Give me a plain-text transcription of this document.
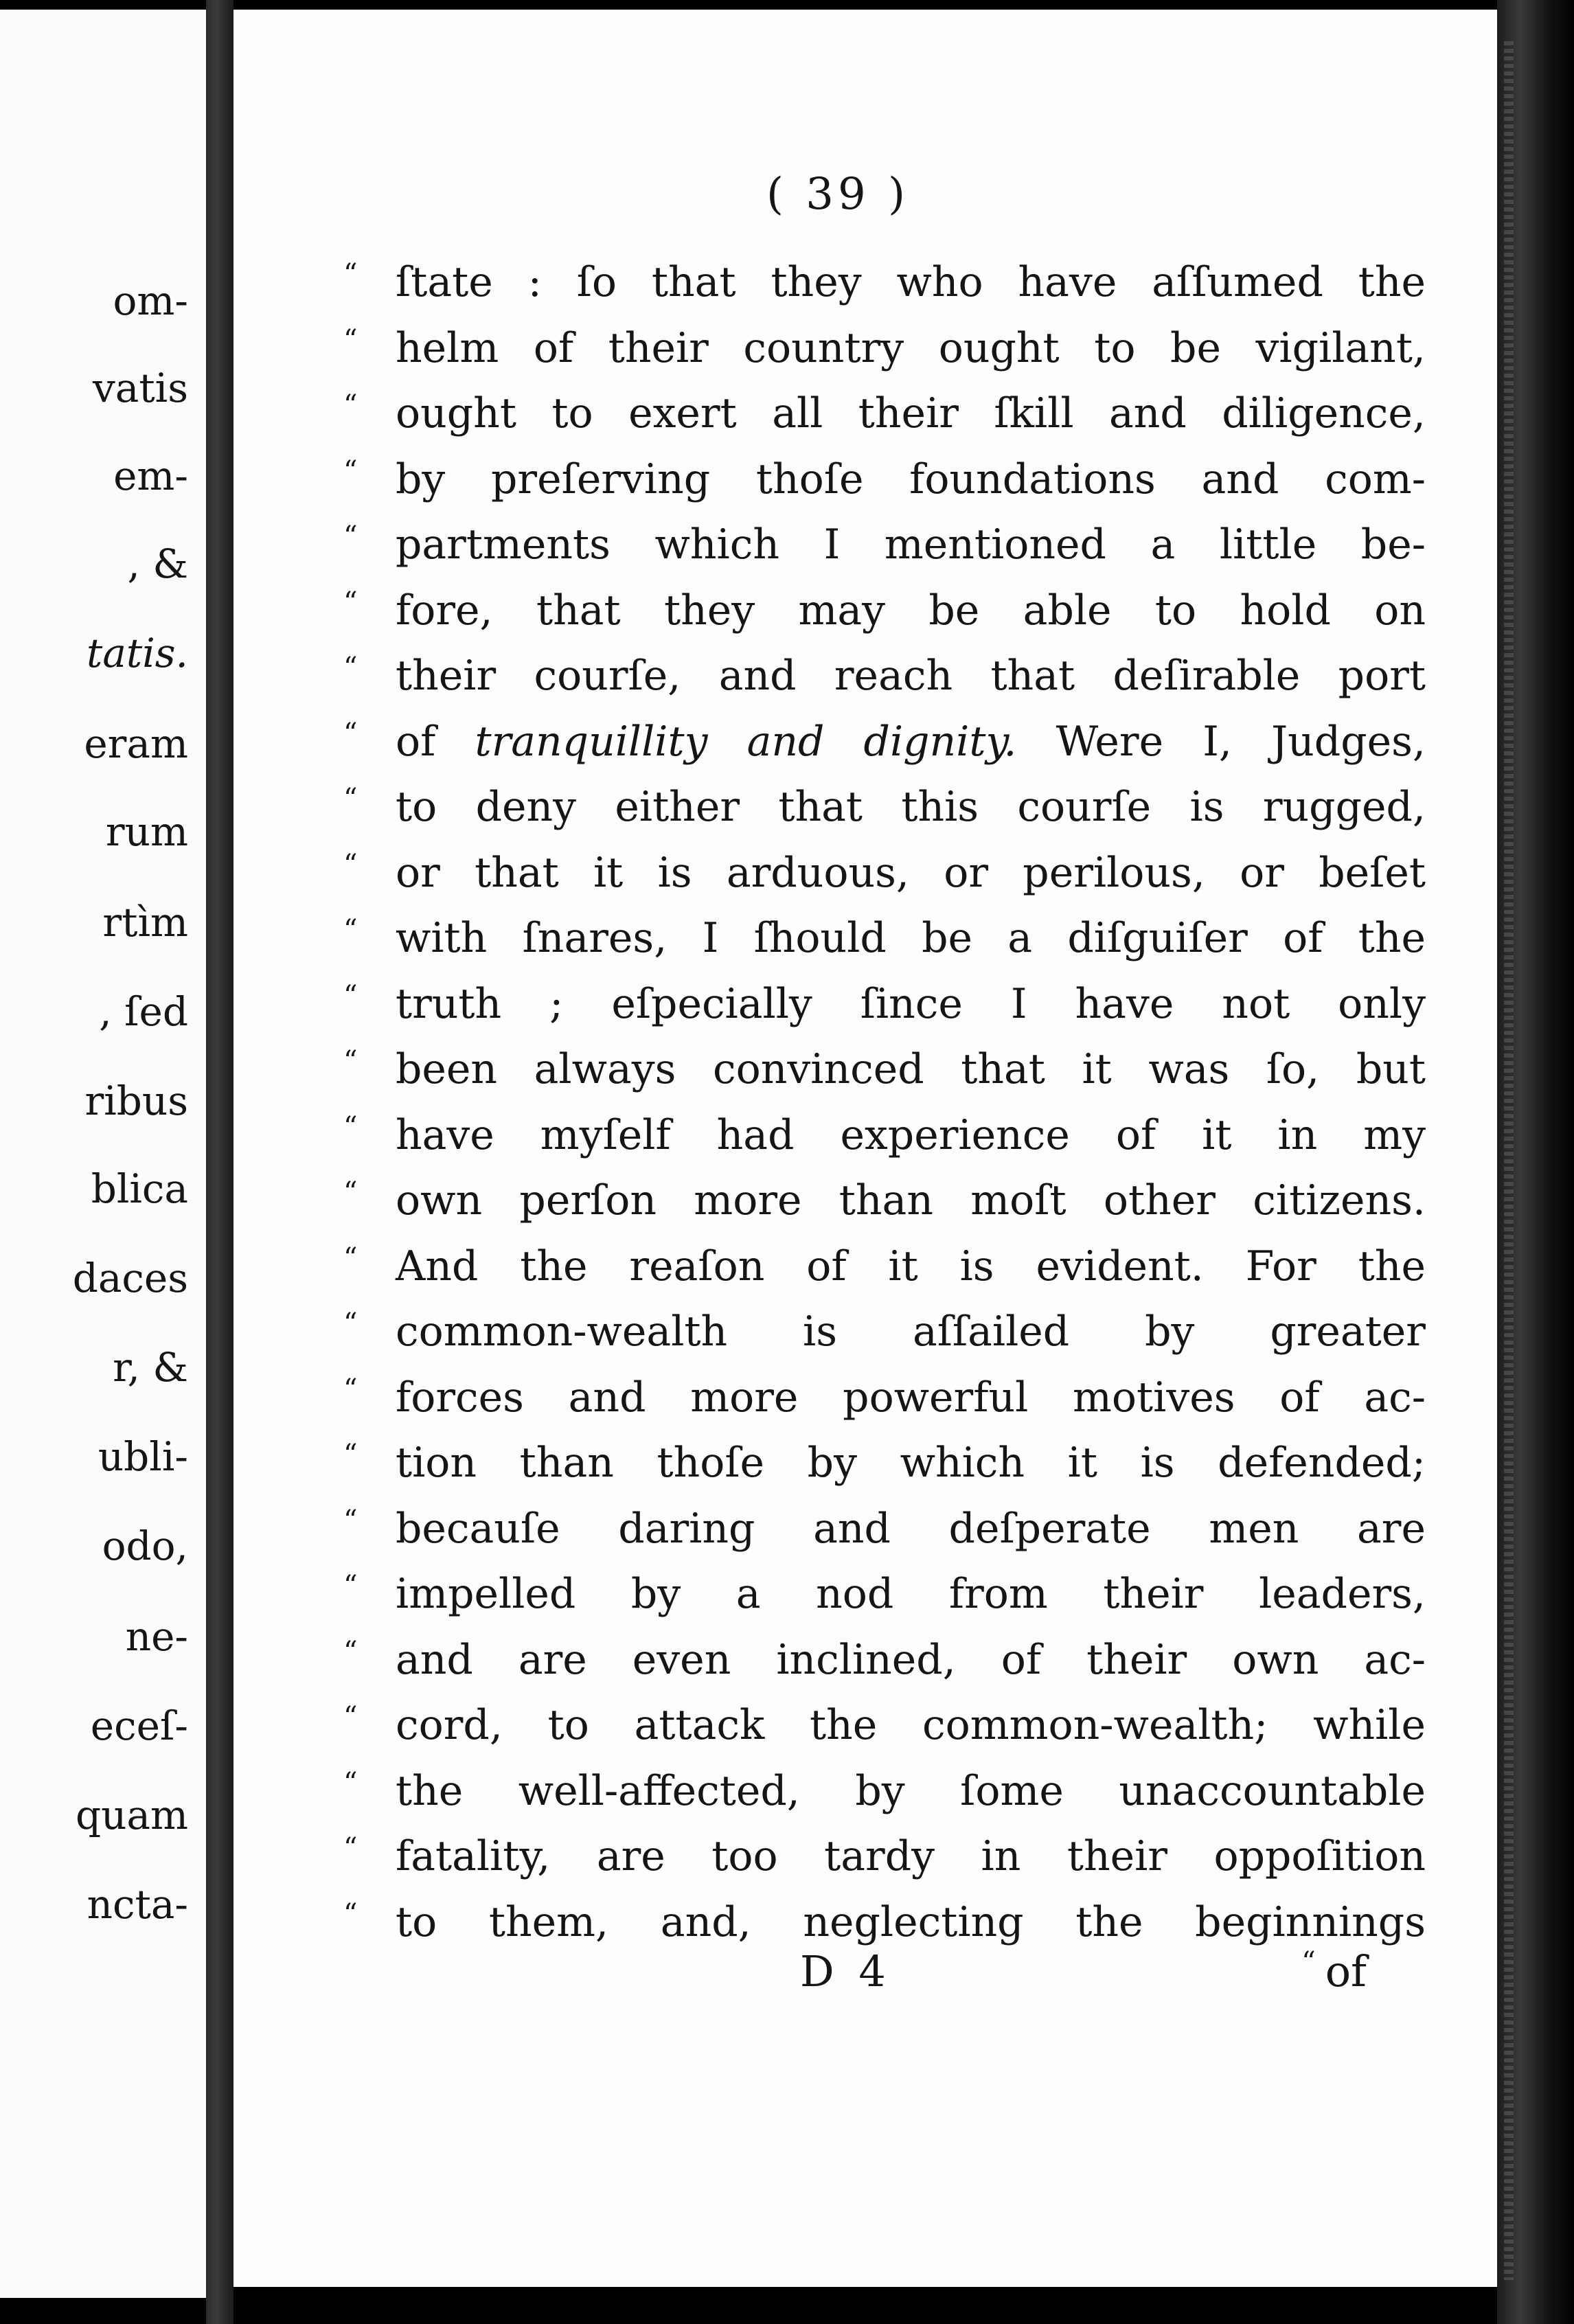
om-
vatis
em-
, &
tatis.
eram
rum
rtìm
, ſed
ribus
blica
daces
r, &
ubli-
odo,
ne-
eceſ-
quam
ncta-
( 39 )
“ ſtate : ſo that they who have aſſumed the
“ helm of their country ought to be vigilant,
“ ought to exert all their ſkill and diligence,
“ by preſerving thoſe foundations and com-
“ partments which I mentioned a little be-
“ fore, that they may be able to hold on
“ their courſe, and reach that deſirable port
“ of tranquillity and dignity. Were I, Judges,
“ to deny either that this courſe is rugged,
“ or that it is arduous, or perilous, or beſet
“ with ſnares, I ſhould be a diſguiſer of the
“ truth ; eſpecially ſince I have not only
“ been always convinced that it was ſo, but
“ have myſelf had experience of it in my
“ own perſon more than moſt other citizens.
“ And the reaſon of it is evident. For the
“ common-wealth is aſſailed by greater
“ forces and more powerful motives of ac-
“ tion than thoſe by which it is defended;
“ becauſe daring and deſperate men are
“ impelled by a nod from their leaders,
“ and are even inclined, of their own ac-
“ cord, to attack the common-wealth; while
“ the well-affected, by ſome unaccountable
“ fatality, are too tardy in their oppoſition
“ to them, and, neglecting the beginnings
D 4	“ of
